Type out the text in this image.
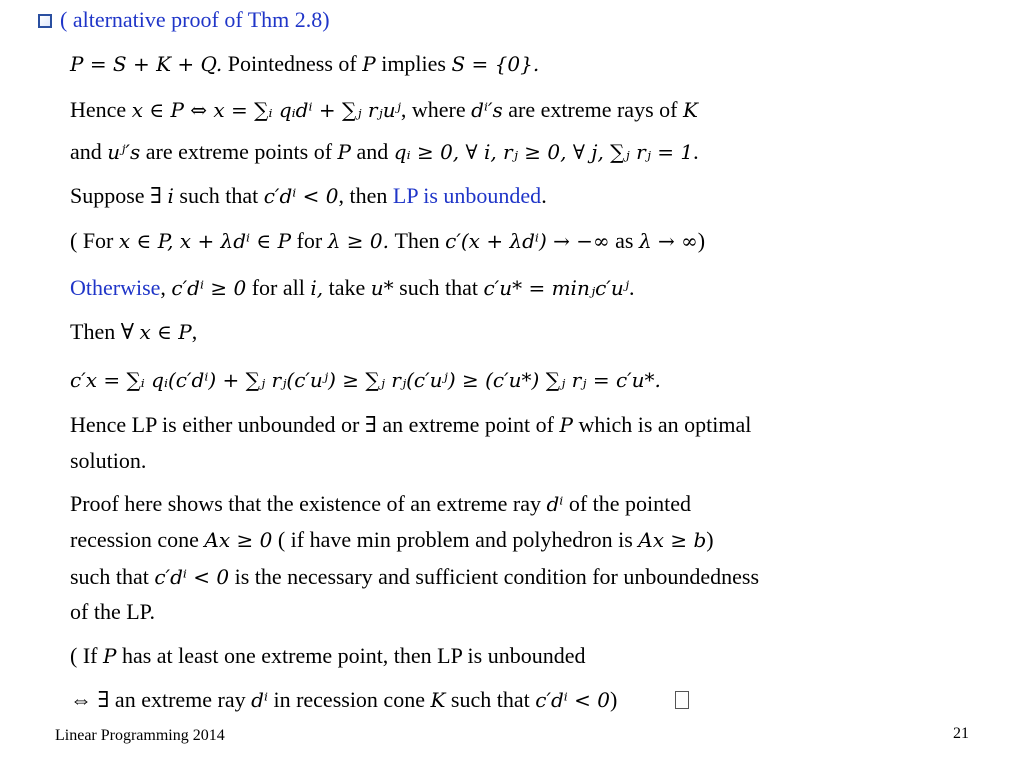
( alternative proof of Thm 2.8)
P = S + K + Q. Pointedness of P implies S = {0}.
Hence x ∈ P ⇔ x = ∑ᵢ qᵢdⁱ + ∑ⱼ rⱼuʲ, where dⁱ′s are extreme rays of K
and uʲ′s are extreme points of P and qᵢ ≥ 0, ∀ i, rⱼ ≥ 0, ∀ j, ∑ⱼ rⱼ = 1.
Suppose ∃ i such that c′dⁱ < 0, then LP is unbounded.
( For x ∈ P, x + λdⁱ ∈ P for λ ≥ 0. Then c′(x + λdⁱ) → −∞ as λ → ∞)
Otherwise, c′dⁱ ≥ 0 for all i, take u* such that c′u* = minⱼc′uʲ.
Then ∀ x ∈ P,
c′x = ∑ᵢ qᵢ(c′dⁱ) + ∑ⱼ rⱼ(c′uʲ) ≥ ∑ⱼ rⱼ(c′uʲ) ≥ (c′u*) ∑ⱼ rⱼ = c′u*.
Hence LP is either unbounded or ∃ an extreme point of P which is an optimal
solution.
Proof here shows that the existence of an extreme ray dⁱ of the pointed
recession cone Ax ≥ 0 ( if have min problem and polyhedron is Ax ≥ b)
such that c′dⁱ < 0 is the necessary and sufficient condition for unboundedness
of the LP.
( If P has at least one extreme point, then LP is unbounded
⇔ ∃ an extreme ray dⁱ in recession cone K such that c′dⁱ < 0)
Linear Programming 2014	21
